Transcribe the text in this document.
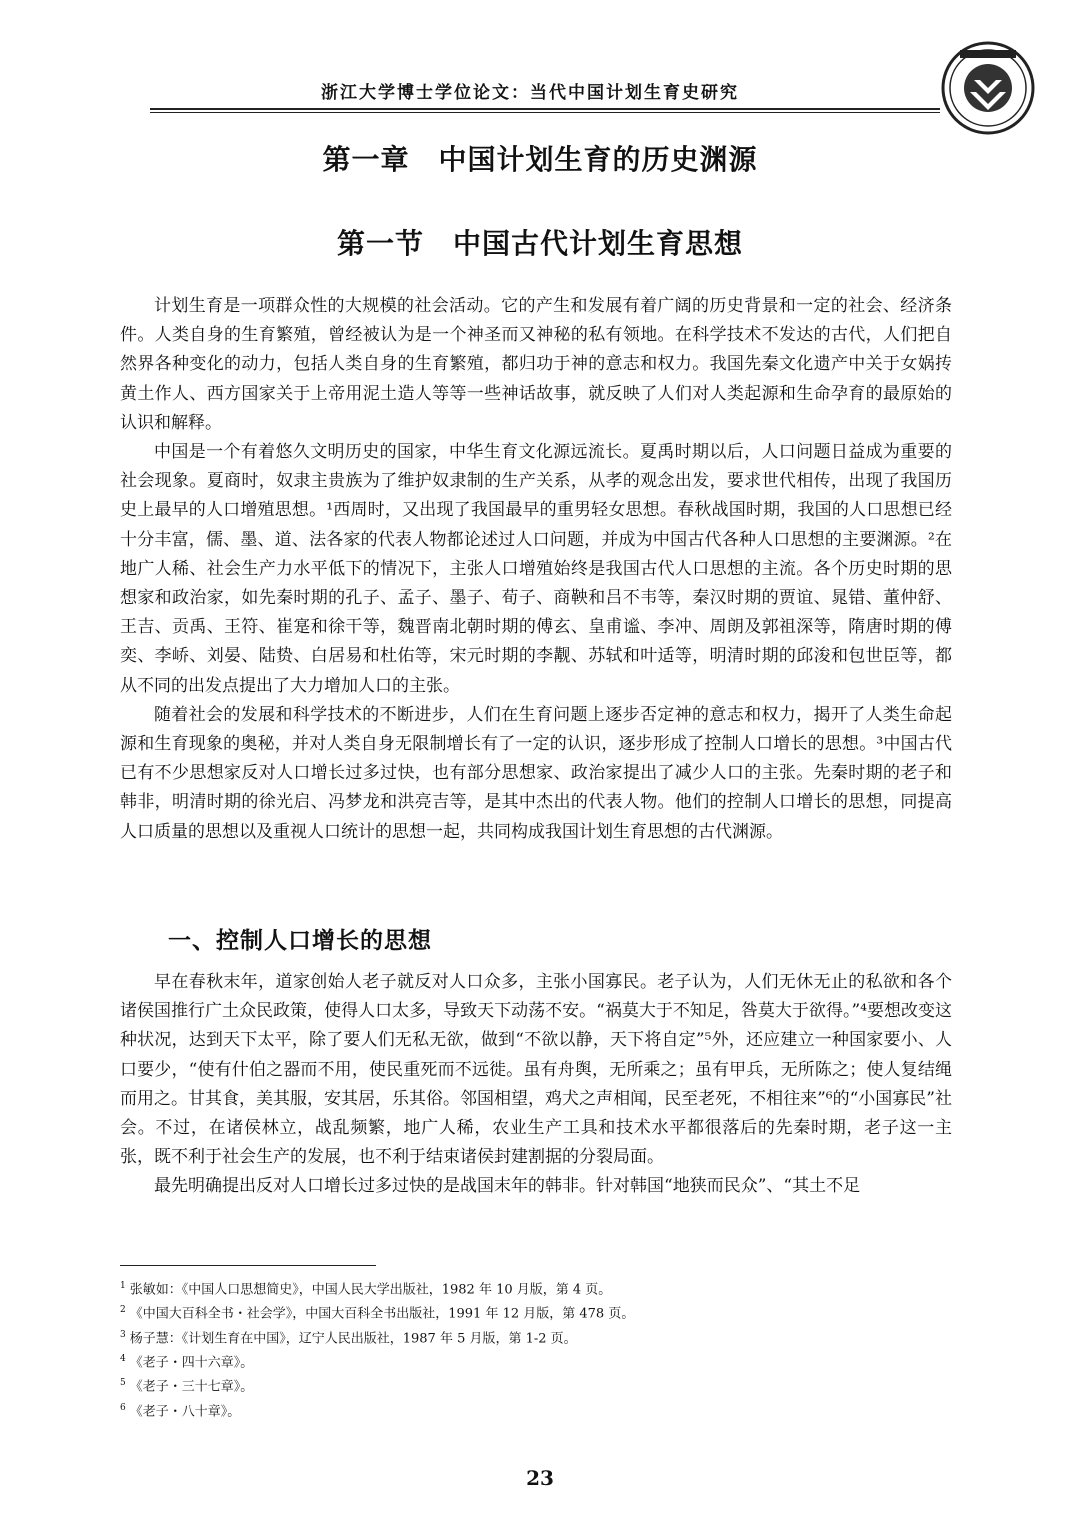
浙江大学博士学位论文：当代中国计划生育史研究
第一章　中国计划生育的历史渊源
第一节　中国古代计划生育思想

计划生育是一项群众性的大规模的社会活动。它的产生和发展有着广阔的历史背景和一定的社会、经济条件。人类自身的生育繁殖，曾经被认为是一个神圣而又神秘的私有领地。在科学技术不发达的古代，人们把自然界各种变化的动力，包括人类自身的生育繁殖，都归功于神的意志和权力。我国先秦文化遗产中关于女娲抟黄土作人、西方国家关于上帝用泥土造人等等一些神话故事，就反映了人们对人类起源和生命孕育的最原始的认识和解释。

中国是一个有着悠久文明历史的国家，中华生育文化源远流长。夏禹时期以后，人口问题日益成为重要的社会现象。夏商时，奴隶主贵族为了维护奴隶制的生产关系，从孝的观念出发，要求世代相传，出现了我国历史上最早的人口增殖思想。¹西周时，又出现了我国最早的重男轻女思想。春秋战国时期，我国的人口思想已经十分丰富，儒、墨、道、法各家的代表人物都论述过人口问题，并成为中国古代各种人口思想的主要渊源。²在地广人稀、社会生产力水平低下的情况下，主张人口增殖始终是我国古代人口思想的主流。各个历史时期的思想家和政治家，如先秦时期的孔子、孟子、墨子、荀子、商鞅和吕不韦等，秦汉时期的贾谊、晁错、董仲舒、王吉、贡禹、王符、崔寔和徐干等，魏晋南北朝时期的傅玄、皇甫谧、李冲、周朗及郭祖深等，隋唐时期的傅奕、李峤、刘晏、陆贽、白居易和杜佑等，宋元时期的李觏、苏轼和叶适等，明清时期的邱浚和包世臣等，都从不同的出发点提出了大力增加人口的主张。

随着社会的发展和科学技术的不断进步，人们在生育问题上逐步否定神的意志和权力，揭开了人类生命起源和生育现象的奥秘，并对人类自身无限制增长有了一定的认识，逐步形成了控制人口增长的思想。³中国古代已有不少思想家反对人口增长过多过快，也有部分思想家、政治家提出了减少人口的主张。先秦时期的老子和韩非，明清时期的徐光启、冯梦龙和洪亮吉等，是其中杰出的代表人物。他们的控制人口增长的思想，同提高人口质量的思想以及重视人口统计的思想一起，共同构成我国计划生育思想的古代渊源。

一、控制人口增长的思想

早在春秋末年，道家创始人老子就反对人口众多，主张小国寡民。老子认为，人们无休无止的私欲和各个诸侯国推行广土众民政策，使得人口太多，导致天下动荡不安。“祸莫大于不知足，咎莫大于欲得。”⁴要想改变这种状况，达到天下太平，除了要人们无私无欲，做到“不欲以静，天下将自定”⁵外，还应建立一种国家要小、人口要少，“使有什伯之器而不用，使民重死而不远徙。虽有舟舆，无所乘之；虽有甲兵，无所陈之；使人复结绳而用之。甘其食，美其服，安其居，乐其俗。邻国相望，鸡犬之声相闻，民至老死，不相往来”⁶的“小国寡民”社会。不过，在诸侯林立，战乱频繁，地广人稀，农业生产工具和技术水平都很落后的先秦时期，老子这一主张，既不利于社会生产的发展，也不利于结束诸侯封建割据的分裂局面。

最先明确提出反对人口增长过多过快的是战国末年的韩非。针对韩国“地狭而民众”、“其土不足

$^1$ 张敏如：《中国人口思想简史》，中国人民大学出版社，1982 年 10 月版，第 4 页。
$^2$ 《中国大百科全书・社会学》，中国大百科全书出版社，1991 年 12 月版，第 478 页。
$^3$ 杨子慧：《计划生育在中国》，辽宁人民出版社，1987 年 5 月版，第 1-2 页。
$^4$ 《老子・四十六章》。
$^5$ 《老子・三十七章》。
$^6$ 《老子・八十章》。
23
